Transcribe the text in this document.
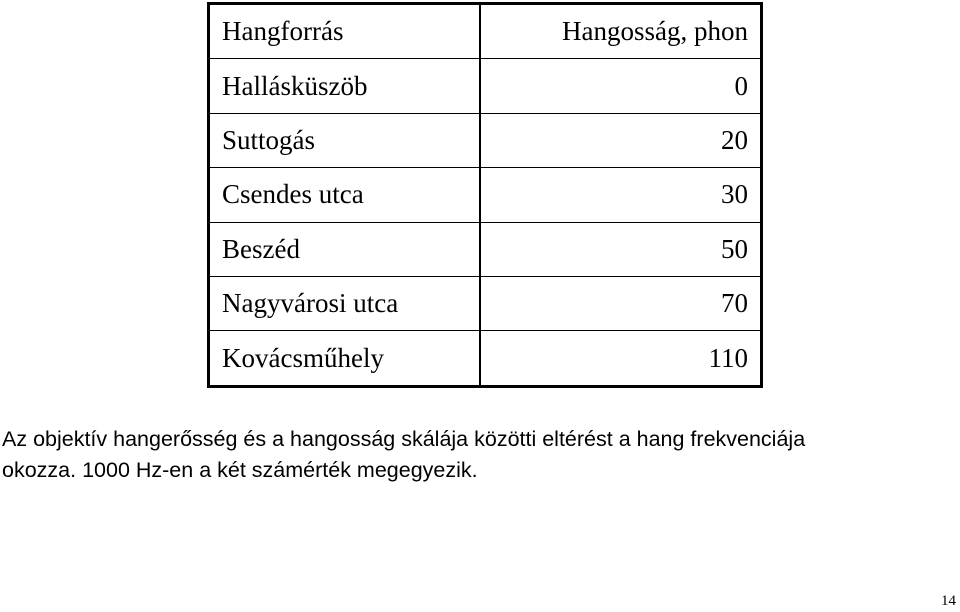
Hangforrás	Hangosság, phon
Hallásküszöb	0
Suttogás	20
Csendes utca	30
Beszéd	50
Nagyvárosi utca	70
Kovácsműhely	110

Az objektív hangerősség és a hangosság skálája közötti eltérést a hang frekvenciája
okozza. 1000 Hz-en a két számérték megegyezik.

14
